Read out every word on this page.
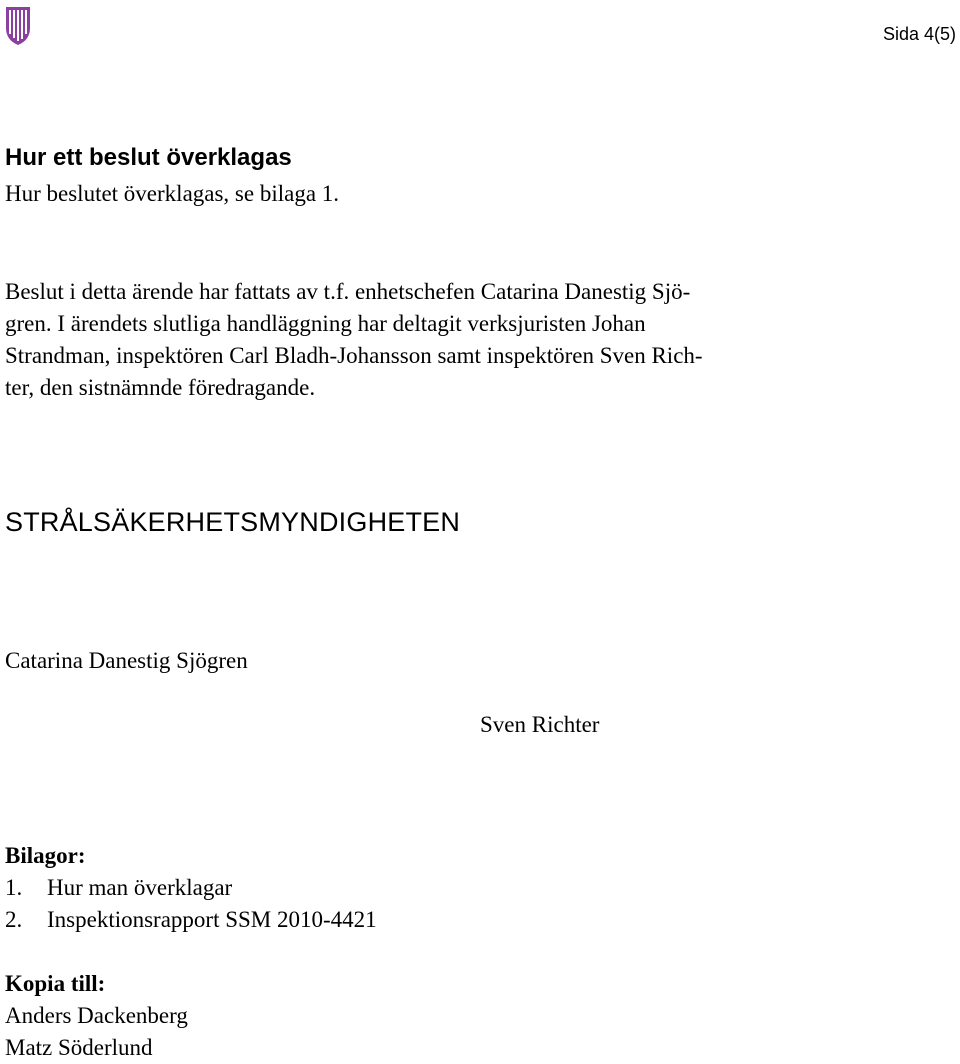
Sida 4(5)
Hur ett beslut överklagas

Hur beslutet överklagas, se bilaga 1.

Beslut i detta ärende har fattats av t.f. enhetschefen Catarina Danestig Sjö-
gren. I ärendets slutliga handläggning har deltagit verksjuristen Johan
Strandman, inspektören Carl Bladh-Johansson samt inspektören Sven Rich-
ter, den sistnämnde föredragande.

STRÅLSÄKERHETSMYNDIGHETEN
Catarina Danestig Sjögren
Sven Richter
Bilagor:
1. Hur man överklagar
2. Inspektionsrapport SSM 2010-4421
Kopia till:
Anders Dackenberg
Matz Söderlund
